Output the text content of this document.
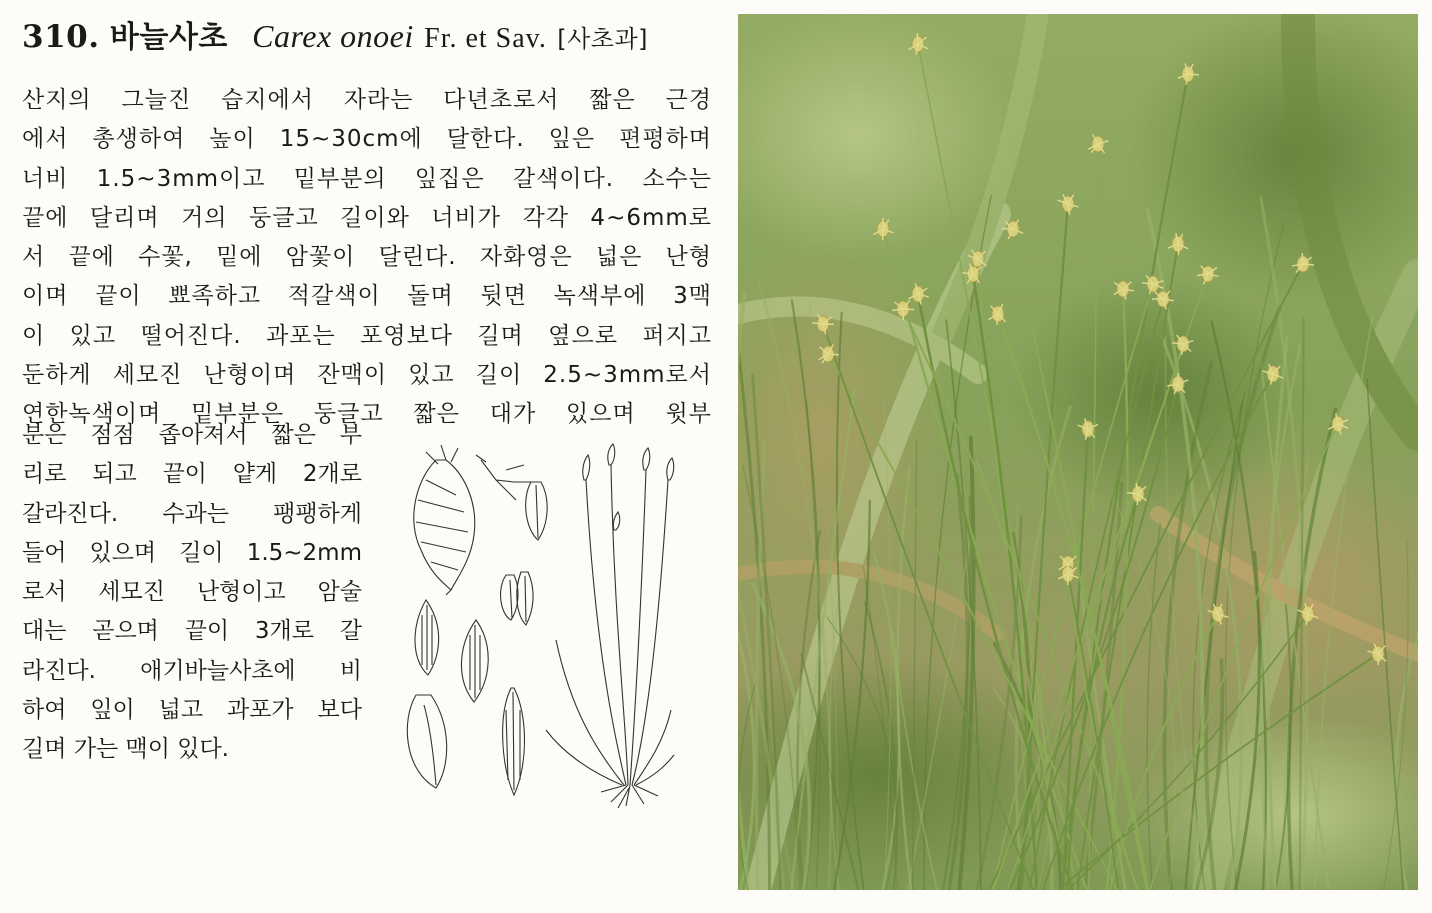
310. 바늘사초 Carex onoei Fr. et Sav. [사초과]
산지의 그늘진 습지에서 자라는 다년초로서 짧은 근경
에서 총생하여 높이 15~30cm에 달한다. 잎은 편평하며
너비 1.5~3mm이고 밑부분의 잎집은 갈색이다. 소수는
끝에 달리며 거의 둥글고 길이와 너비가 각각 4~6mm로
서 끝에 수꽃, 밑에 암꽃이 달린다. 자화영은 넓은 난형
이며 끝이 뾰족하고 적갈색이 돌며 뒷면 녹색부에 3맥
이 있고 떨어진다. 과포는 포영보다 길며 옆으로 퍼지고
둔하게 세모진 난형이며 잔맥이 있고 길이 2.5~3mm로서
연한녹색이며 밑부분은 둥글고 짧은 대가 있으며 윗부
분은 점점 좁아져서 짧은 부
리로 되고 끝이 얕게 2개로
갈라진다. 수과는 팽팽하게
들어 있으며 길이 1.5~2mm
로서 세모진 난형이고 암술
대는 곧으며 끝이 3개로 갈
라진다. 애기바늘사초에 비
하여 잎이 넓고 과포가 보다
길며 가는 맥이 있다.
